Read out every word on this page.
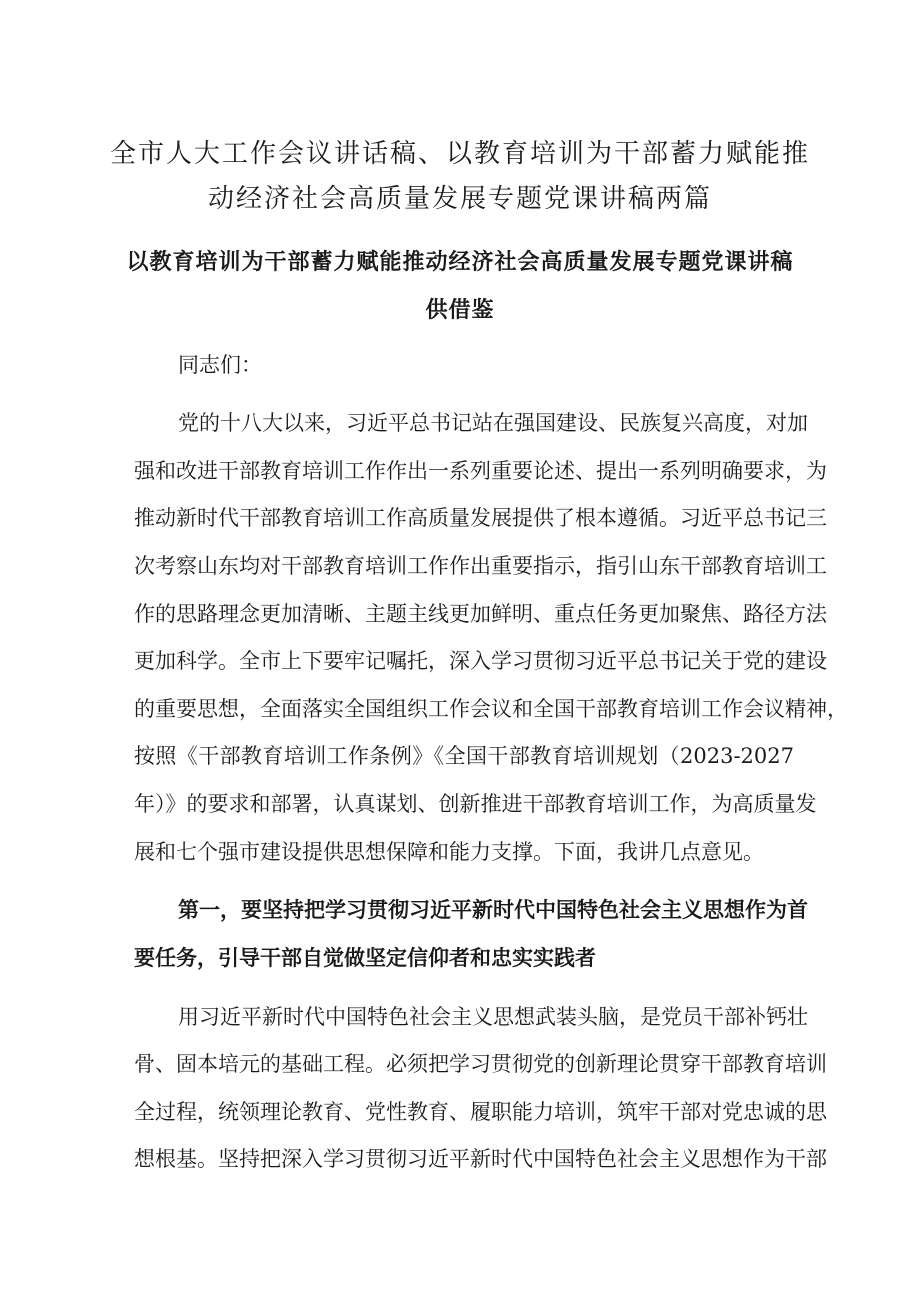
全市人大工作会议讲话稿、以教育培训为干部蓄力赋能推
动经济社会高质量发展专题党课讲稿两篇
以教育培训为干部蓄力赋能推动经济社会高质量发展专题党课讲稿
供借鉴
同志们：
党的十八大以来，习近平总书记站在强国建设、民族复兴高度，对加
强和改进干部教育培训工作作出一系列重要论述、提出一系列明确要求，为
推动新时代干部教育培训工作高质量发展提供了根本遵循。习近平总书记三
次考察山东均对干部教育培训工作作出重要指示，指引山东干部教育培训工
作的思路理念更加清晰、主题主线更加鲜明、重点任务更加聚焦、路径方法
更加科学。全市上下要牢记嘱托，深入学习贯彻习近平总书记关于党的建设
的重要思想，全面落实全国组织工作会议和全国干部教育培训工作会议精神，
按照《干部教育培训工作条例》《全国干部教育培训规划（2023-2027
年）》的要求和部署，认真谋划、创新推进干部教育培训工作，为高质量发
展和七个强市建设提供思想保障和能力支撑。下面，我讲几点意见。
第一，要坚持把学习贯彻习近平新时代中国特色社会主义思想作为首
要任务，引导干部自觉做坚定信仰者和忠实实践者
用习近平新时代中国特色社会主义思想武装头脑，是党员干部补钙壮
骨、固本培元的基础工程。必须把学习贯彻党的创新理论贯穿干部教育培训
全过程，统领理论教育、党性教育、履职能力培训，筑牢干部对党忠诚的思
想根基。坚持把深入学习贯彻习近平新时代中国特色社会主义思想作为干部
